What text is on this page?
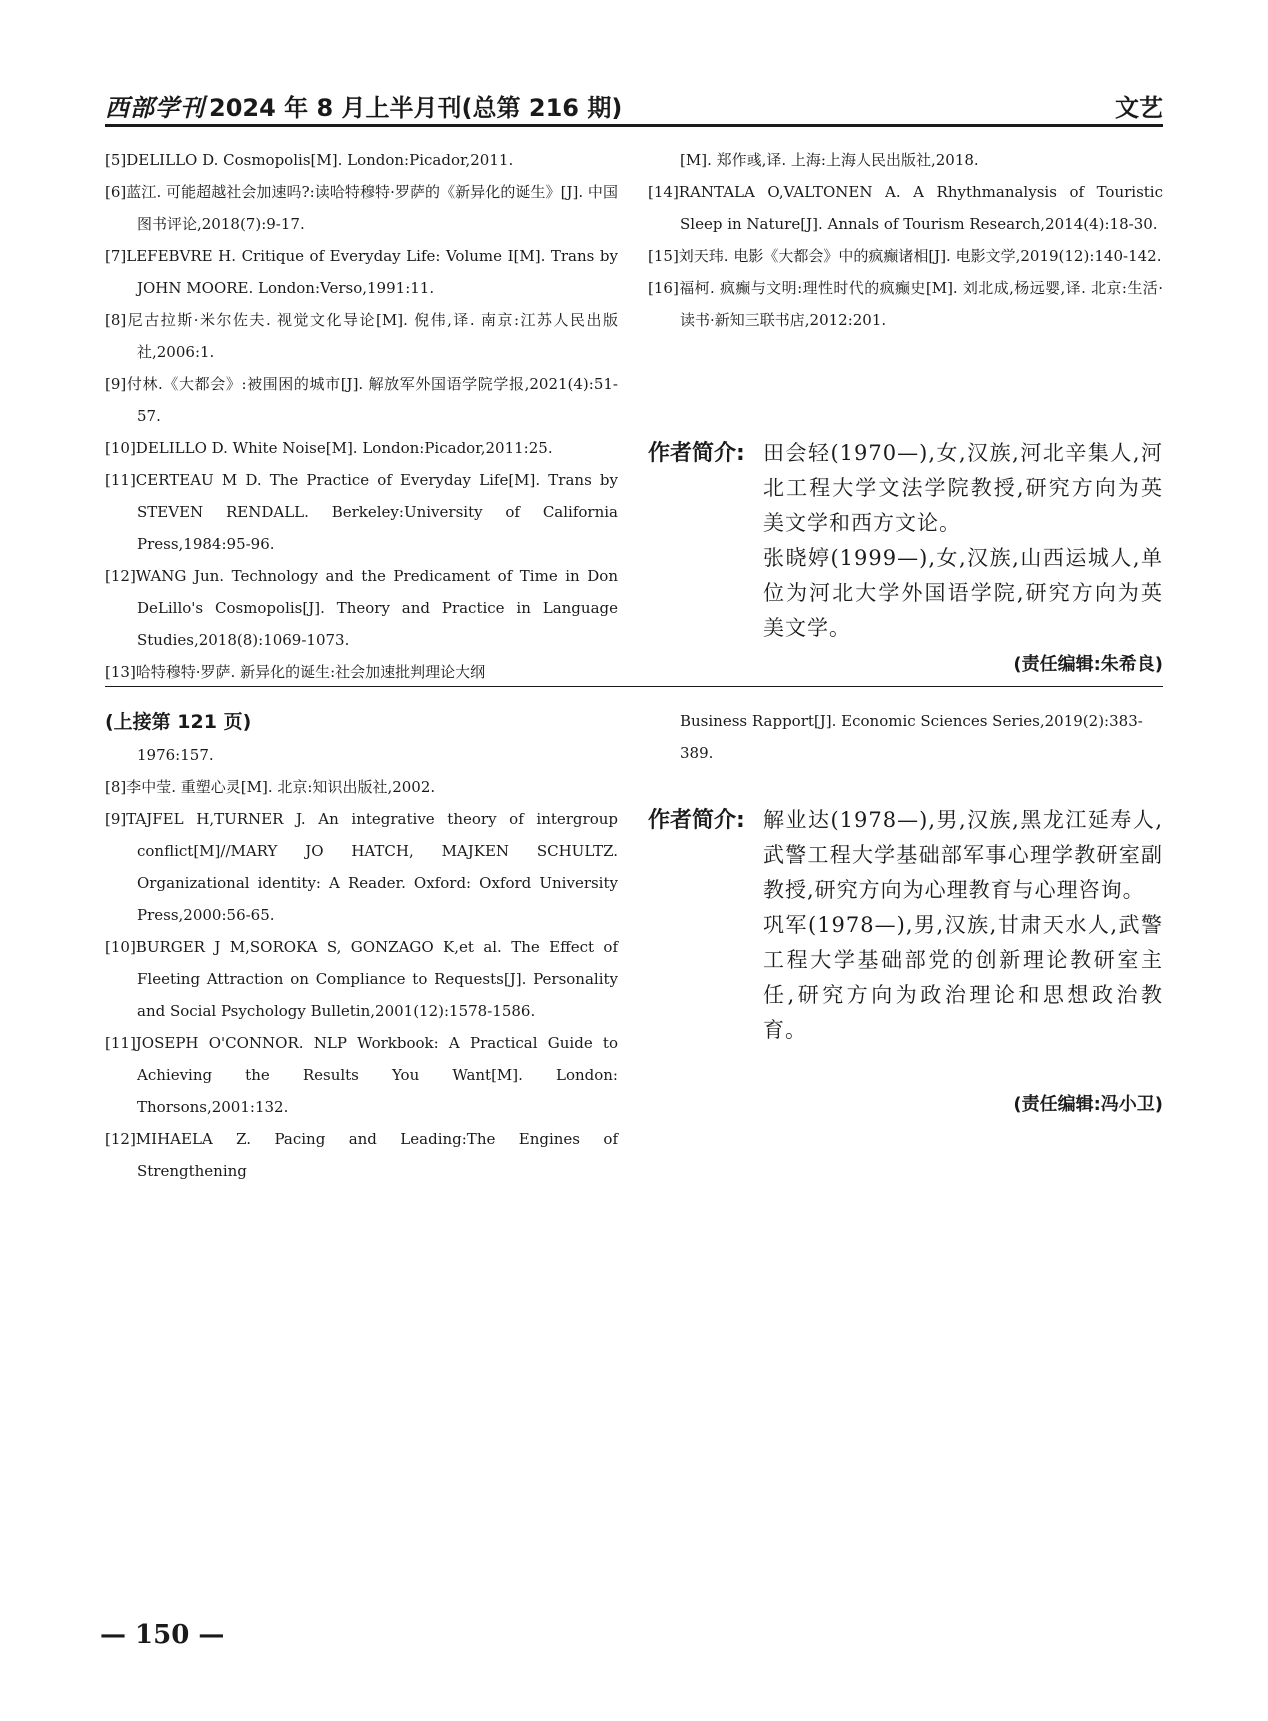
西部学刊 2024 年 8 月上半月刊(总第 216 期)	文艺
[5]DELILLO D. Cosmopolis[M]. London:Picador,2011.
[6]蓝江. 可能超越社会加速吗?:读哈特穆特·罗萨的《新异化的诞生》[J]. 中国图书评论,2018(7):9-17.
[7]LEFEBVRE H. Critique of Everyday Life: Volume I[M]. Trans by JOHN MOORE. London:Verso,1991:11.
[8]尼古拉斯·米尔佐夫. 视觉文化导论[M]. 倪伟,译. 南京:江苏人民出版社,2006:1.
[9]付林.《大都会》:被围困的城市[J]. 解放军外国语学院学报,2021(4):51-57.
[10]DELILLO D. White Noise[M]. London:Picador,2011:25.
[11]CERTEAU M D. The Practice of Everyday Life[M]. Trans by STEVEN RENDALL. Berkeley:University of California Press,1984:95-96.
[12]WANG Jun. Technology and the Predicament of Time in Don DeLillo's Cosmopolis[J]. Theory and Practice in Language Studies,2018(8):1069-1073.
[13]哈特穆特·罗萨. 新异化的诞生:社会加速批判理论大纲
[M]. 郑作彧,译. 上海:上海人民出版社,2018.
[14]RANTALA O,VALTONEN A. A Rhythmanalysis of Touristic Sleep in Nature[J]. Annals of Tourism Research,2014(4):18-30.
[15]刘天玮. 电影《大都会》中的疯癫诸相[J]. 电影文学,2019(12):140-142.
[16]福柯. 疯癫与文明:理性时代的疯癫史[M]. 刘北成,杨远婴,译. 北京:生活·读书·新知三联书店,2012:201.
作者简介: 田会轻(1970—),女,汉族,河北辛集人,河北工程大学文法学院教授,研究方向为英美文学和西方文论。

张晓婷(1999—),女,汉族,山西运城人,单位为河北大学外国语学院,研究方向为英美文学。

(责任编辑:朱希良)
(上接第 121 页)
1976:157.
[8]李中莹. 重塑心灵[M]. 北京:知识出版社,2002.
[9]TAJFEL H,TURNER J. An integrative theory of intergroup conflict[M]//MARY JO HATCH, MAJKEN SCHULTZ. Organizational identity: A Reader. Oxford: Oxford University Press,2000:56-65.
[10]BURGER J M,SOROKA S, GONZAGO K,et al. The Effect of Fleeting Attraction on Compliance to Requests[J]. Personality and Social Psychology Bulletin,2001(12):1578-1586.
[11]JOSEPH O'CONNOR. NLP Workbook: A Practical Guide to Achieving the Results You Want[M]. London: Thorsons,2001:132.
[12]MIHAELA Z. Pacing and Leading:The Engines of Strengthening
Business Rapport[J]. Economic Sciences Series,2019(2):383-389.
作者简介: 解业达(1978—),男,汉族,黑龙江延寿人,武警工程大学基础部军事心理学教研室副教授,研究方向为心理教育与心理咨询。

巩军(1978—),男,汉族,甘肃天水人,武警工程大学基础部党的创新理论教研室主任,研究方向为政治理论和思想政治教育。

(责任编辑:冯小卫)
— 150 —
